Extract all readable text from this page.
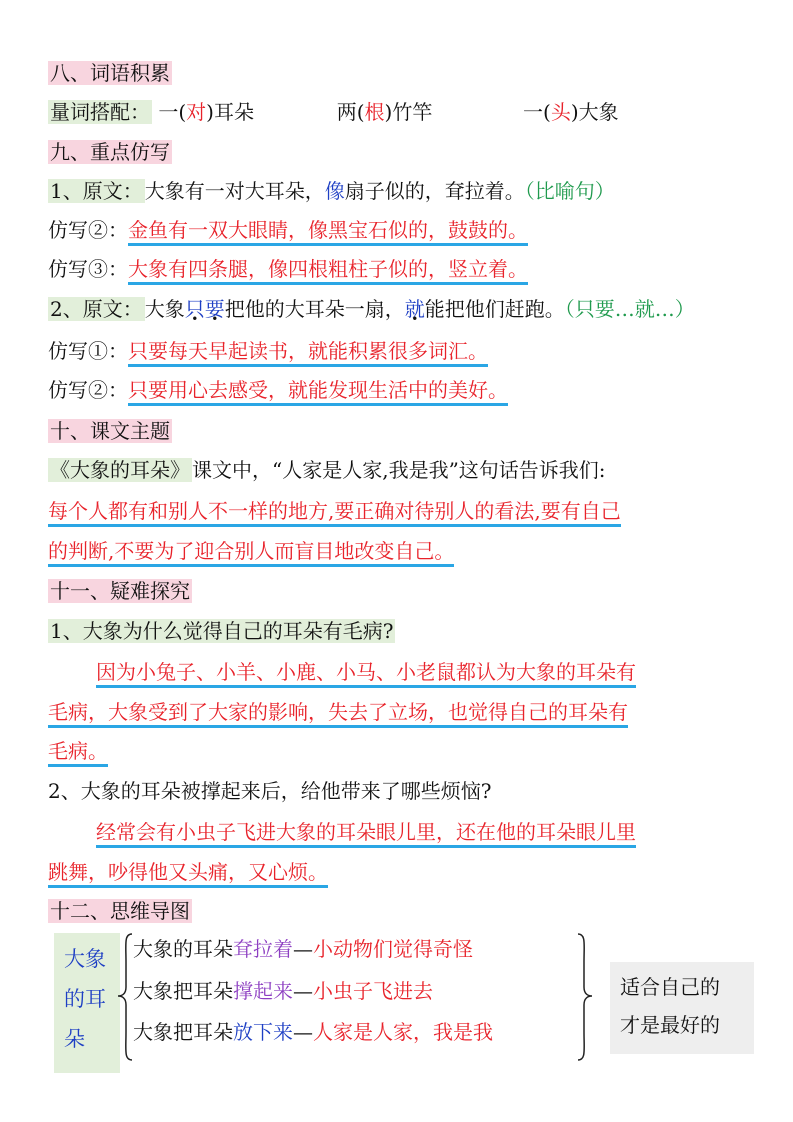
八、词语积累
量词搭配： 一(对)耳朵	两(根)竹竿	一(头)大象
九、重点仿写
1、原文： 大象有一对大耳朵，像扇子似的，耷拉着。（比喻句）
仿写②：金鱼有一双大眼睛，像黑宝石似的，鼓鼓的。
仿写③：大象有四条腿，像四根粗柱子似的，竖立着。
2、原文： 大象只要把他的大耳朵一扇，就能把他们赶跑。（只要…就…）
仿写①：只要每天早起读书，就能积累很多词汇。
仿写②：只要用心去感受，就能发现生活中的美好。
十、课文主题
《大象的耳朵》 课文中，“人家是人家,我是我”这句话告诉我们:
每个人都有和别人不一样的地方,要正确对待别人的看法,要有自己
的判断,不要为了迎合别人而盲目地改变自己。
十一、疑难探究
1、大象为什么觉得自己的耳朵有毛病?
因为小兔子、小羊、小鹿、小马、小老鼠都认为大象的耳朵有
毛病，大象受到了大家的影响，失去了立场，也觉得自己的耳朵有
毛病。
2、大象的耳朵被撑起来后，给他带来了哪些烦恼?
经常会有小虫子飞进大象的耳朵眼儿里，还在他的耳朵眼儿里
跳舞，吵得他又头痛，又心烦。
十二、思维导图
大象
的耳
朵
大象的耳朵耷拉着—小动物们觉得奇怪
大象把耳朵撑起来—小虫子飞进去
大象把耳朵放下来—人家是人家，我是我
适合自己的
才是最好的
